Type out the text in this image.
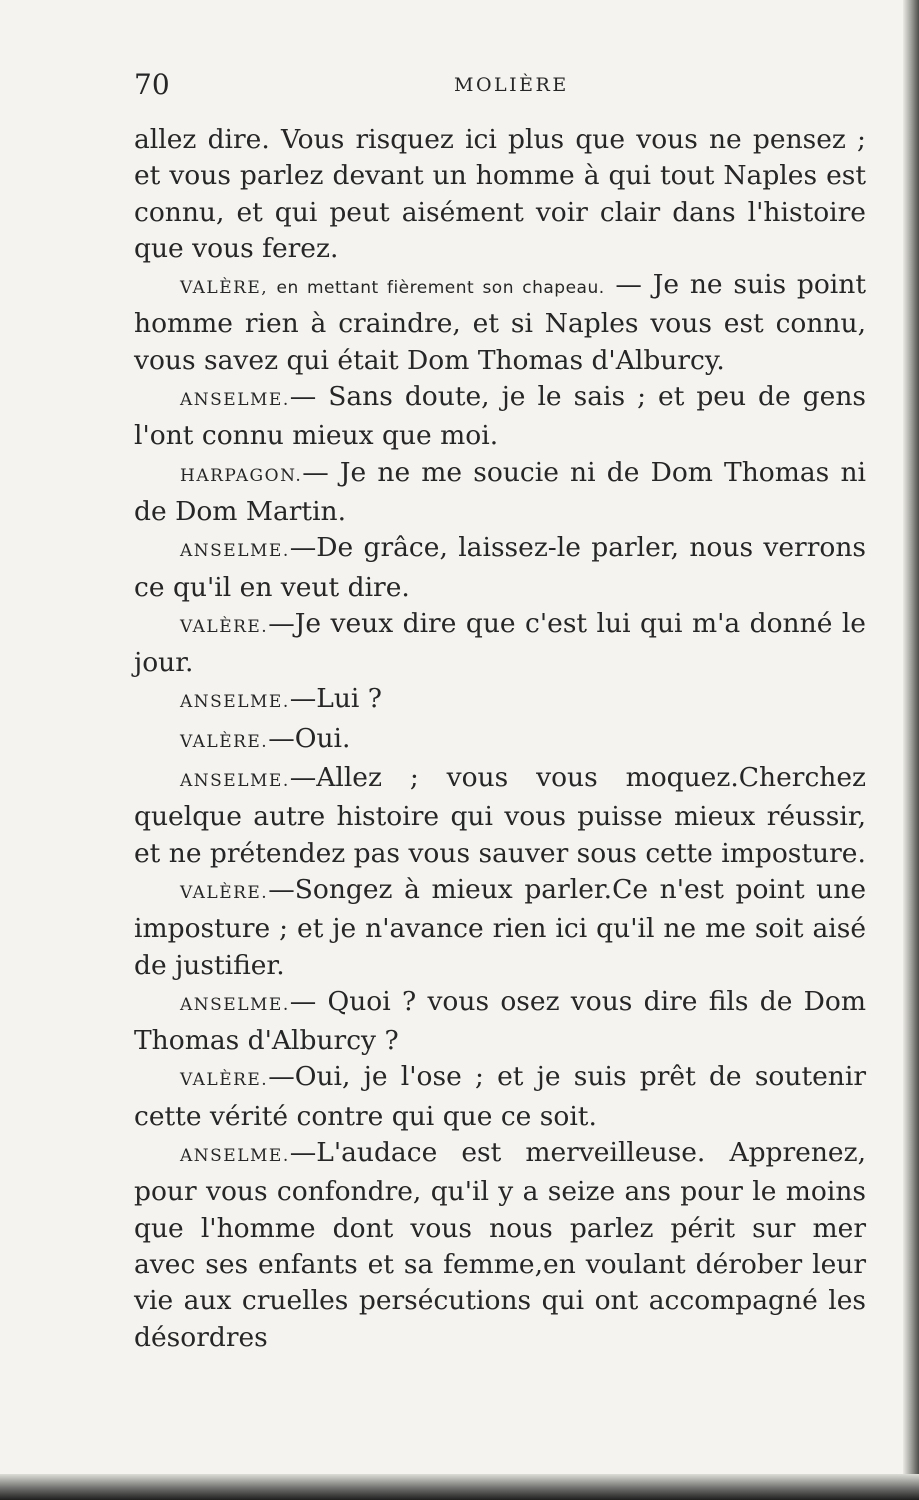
70	MOLIÈRE

allez dire. Vous risquez ici plus que vous ne pensez ; et vous parlez devant un homme à qui tout Naples est connu, et qui peut aisément voir clair dans l'histoire que vous ferez.

VALÈRE, en mettant fièrement son chapeau. — Je ne suis point homme rien à craindre, et si Naples vous est connu, vous savez qui était Dom Thomas d'Alburcy.

ANSELME.— Sans doute, je le sais ; et peu de gens l'ont connu mieux que moi.

HARPAGON.— Je ne me soucie ni de Dom Thomas ni de Dom Martin.

ANSELME.—De grâce, laissez-le parler, nous verrons ce qu'il en veut dire.

VALÈRE.—Je veux dire que c'est lui qui m'a donné le jour.

ANSELME.—Lui ?

VALÈRE.—Oui.

ANSELME.—Allez ; vous vous moquez.Cherchez quelque autre histoire qui vous puisse mieux réussir, et ne prétendez pas vous sauver sous cette imposture.

VALÈRE.—Songez à mieux parler.Ce n'est point une imposture ; et je n'avance rien ici qu'il ne me soit aisé de justifier.

ANSELME.— Quoi ? vous osez vous dire fils de Dom Thomas d'Alburcy ?

VALÈRE.—Oui, je l'ose ; et je suis prêt de soutenir cette vérité contre qui que ce soit.

ANSELME.—L'audace est merveilleuse. Apprenez, pour vous confondre, qu'il y a seize ans pour le moins que l'homme dont vous nous parlez périt sur mer avec ses enfants et sa femme,en voulant dérober leur vie aux cruelles persécutions qui ont accompagné les désordres
